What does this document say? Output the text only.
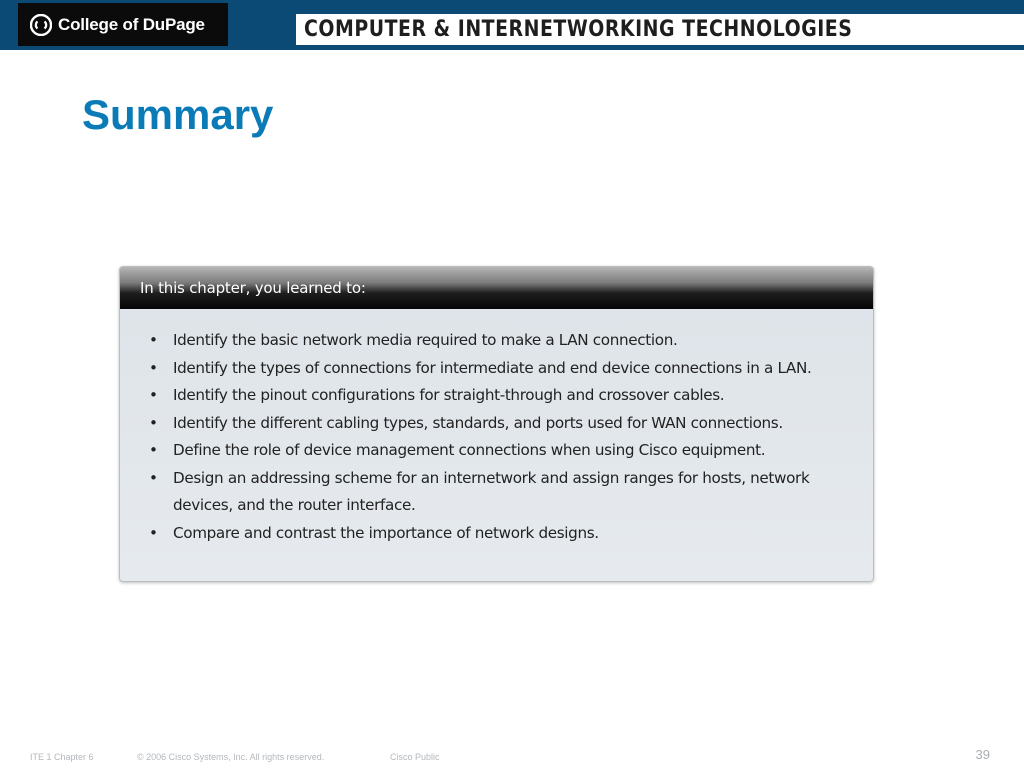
College of DuPage	COMPUTER & INTERNETWORKING TECHNOLOGIES
Summary
In this chapter, you learned to:
• Identify the basic network media required to make a LAN connection.
• Identify the types of connections for intermediate and end device connections in a LAN.
• Identify the pinout configurations for straight-through and crossover cables.
• Identify the different cabling types, standards, and ports used for WAN connections.
• Define the role of device management connections when using Cisco equipment.
• Design an addressing scheme for an internetwork and assign ranges for hosts, network devices, and the router interface.
• Compare and contrast the importance of network designs.
ITE 1 Chapter 6	© 2006 Cisco Systems, Inc. All rights reserved.	Cisco Public	39
